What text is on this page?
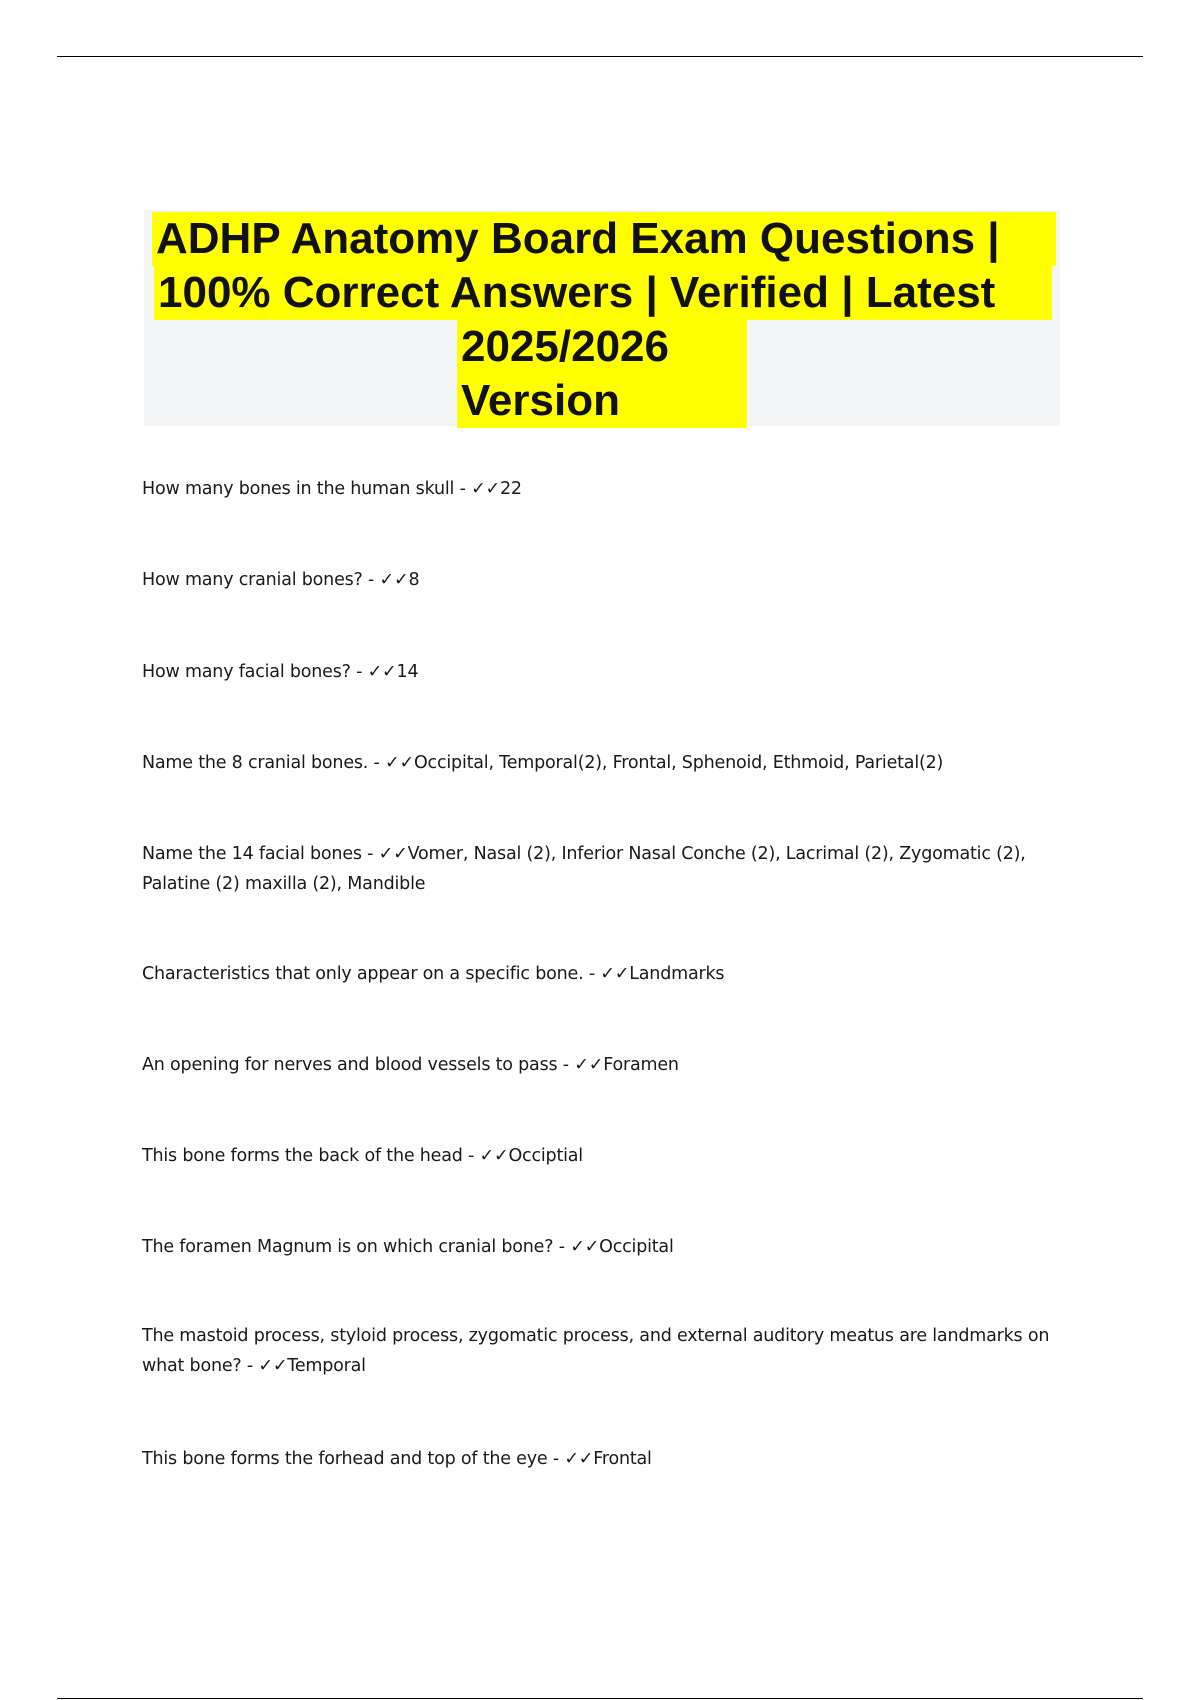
ADHP Anatomy Board Exam Questions |
100% Correct Answers | Verified | Latest
2025/2026
Version
How many bones in the human skull - ✓✓22
How many cranial bones? - ✓✓8
How many facial bones? - ✓✓14
Name the 8 cranial bones. - ✓✓Occipital, Temporal(2), Frontal, Sphenoid, Ethmoid, Parietal(2)
Name the 14 facial bones - ✓✓Vomer, Nasal (2), Inferior Nasal Conche (2), Lacrimal (2), Zygomatic (2), Palatine (2) maxilla (2), Mandible
Characteristics that only appear on a specific bone. - ✓✓Landmarks
An opening for nerves and blood vessels to pass - ✓✓Foramen
This bone forms the back of the head - ✓✓Occiptial
The foramen Magnum is on which cranial bone? - ✓✓Occipital
The mastoid process, styloid process, zygomatic process, and external auditory meatus are landmarks on what bone? - ✓✓Temporal
This bone forms the forhead and top of the eye - ✓✓Frontal
